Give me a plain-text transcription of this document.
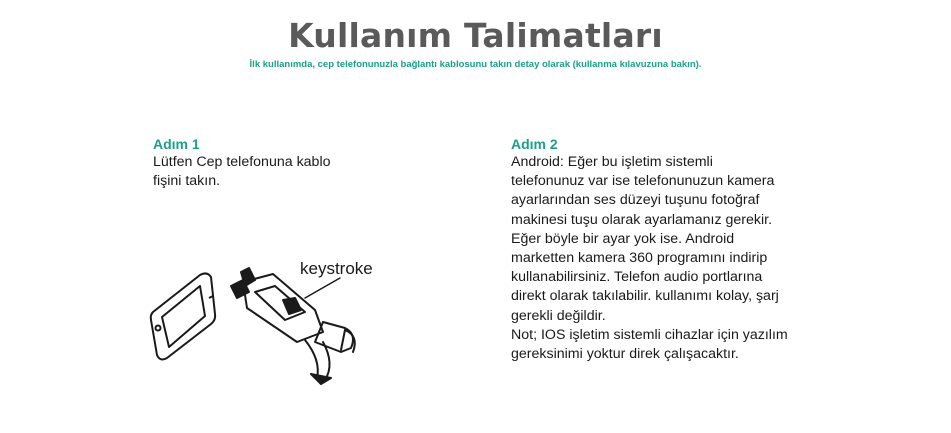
Kullanım Talimatları
İlk kullanımda, cep telefonunuzla bağlantı kablosunu takın detay olarak (kullanma kılavuzuna bakın).
Adım 1
Lütfen Cep telefonuna kablo
fişini takın.
Adım 2
Android: Eğer bu işletim sistemli
telefonunuz var ise telefonunuzun kamera
ayarlarından ses düzeyi tuşunu fotoğraf
makinesi tuşu olarak ayarlamanız gerekir.
Eğer böyle bir ayar yok ise. Android
marketten kamera 360 programını indirip
kullanabilirsiniz. Telefon audio portlarına
direkt olarak takılabilir. kullanımı kolay, şarj
gerekli değildir.
Not; IOS işletim sistemli cihazlar için yazılım
gereksinimi yoktur direk çalışacaktır.
keystroke
